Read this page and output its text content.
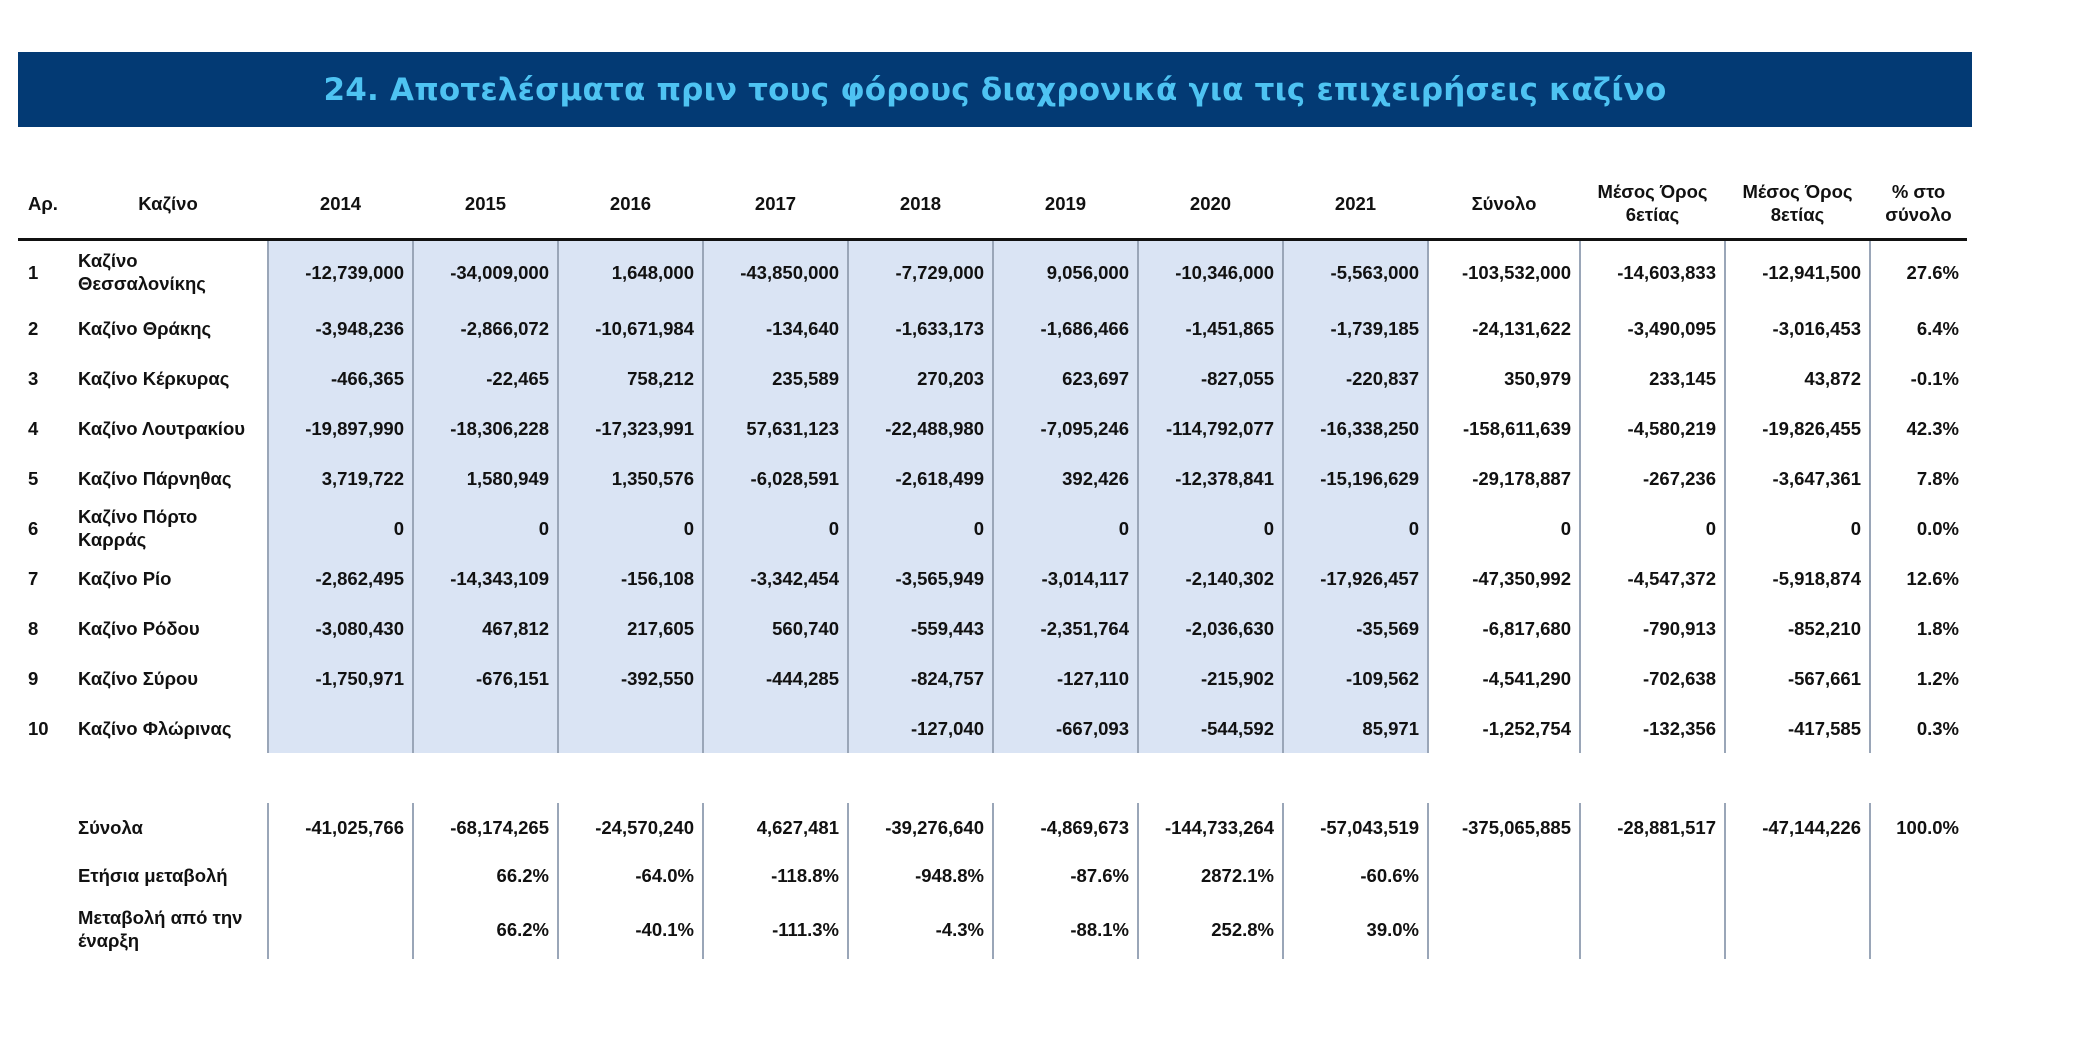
24. Αποτελέσματα πριν τους φόρους διαχρονικά για τις επιχειρήσεις καζίνο
Αρ.	Καζίνο	2014	2015	2016	2017	2018	2019	2020	2021	Σύνολο	Μέσος Όρος 6ετίας	Μέσος Όρος 8ετίας	% στο σύνολο
1	Καζίνο Θεσσαλονίκης	-12,739,000	-34,009,000	1,648,000	-43,850,000	-7,729,000	9,056,000	-10,346,000	-5,563,000	-103,532,000	-14,603,833	-12,941,500	27.6%
2	Καζίνο Θράκης	-3,948,236	-2,866,072	-10,671,984	-134,640	-1,633,173	-1,686,466	-1,451,865	-1,739,185	-24,131,622	-3,490,095	-3,016,453	6.4%
3	Καζίνο Κέρκυρας	-466,365	-22,465	758,212	235,589	270,203	623,697	-827,055	-220,837	350,979	233,145	43,872	-0.1%
4	Καζίνο Λουτρακίου	-19,897,990	-18,306,228	-17,323,991	57,631,123	-22,488,980	-7,095,246	-114,792,077	-16,338,250	-158,611,639	-4,580,219	-19,826,455	42.3%
5	Καζίνο Πάρνηθας	3,719,722	1,580,949	1,350,576	-6,028,591	-2,618,499	392,426	-12,378,841	-15,196,629	-29,178,887	-267,236	-3,647,361	7.8%
6	Καζίνο Πόρτο Καρράς	0	0	0	0	0	0	0	0	0	0	0	0.0%
7	Καζίνο Ρίο	-2,862,495	-14,343,109	-156,108	-3,342,454	-3,565,949	-3,014,117	-2,140,302	-17,926,457	-47,350,992	-4,547,372	-5,918,874	12.6%
8	Καζίνο Ρόδου	-3,080,430	467,812	217,605	560,740	-559,443	-2,351,764	-2,036,630	-35,569	-6,817,680	-790,913	-852,210	1.8%
9	Καζίνο Σύρου	-1,750,971	-676,151	-392,550	-444,285	-824,757	-127,110	-215,902	-109,562	-4,541,290	-702,638	-567,661	1.2%
10	Καζίνο Φλώρινας					-127,040	-667,093	-544,592	85,971	-1,252,754	-132,356	-417,585	0.3%

	Σύνολα	-41,025,766	-68,174,265	-24,570,240	4,627,481	-39,276,640	-4,869,673	-144,733,264	-57,043,519	-375,065,885	-28,881,517	-47,144,226	100.0%
	Ετήσια μεταβολή		66.2%	-64.0%	-118.8%	-948.8%	-87.6%	2872.1%	-60.6%				
	Μεταβολή από την έναρξη		66.2%	-40.1%	-111.3%	-4.3%	-88.1%	252.8%	39.0%				
